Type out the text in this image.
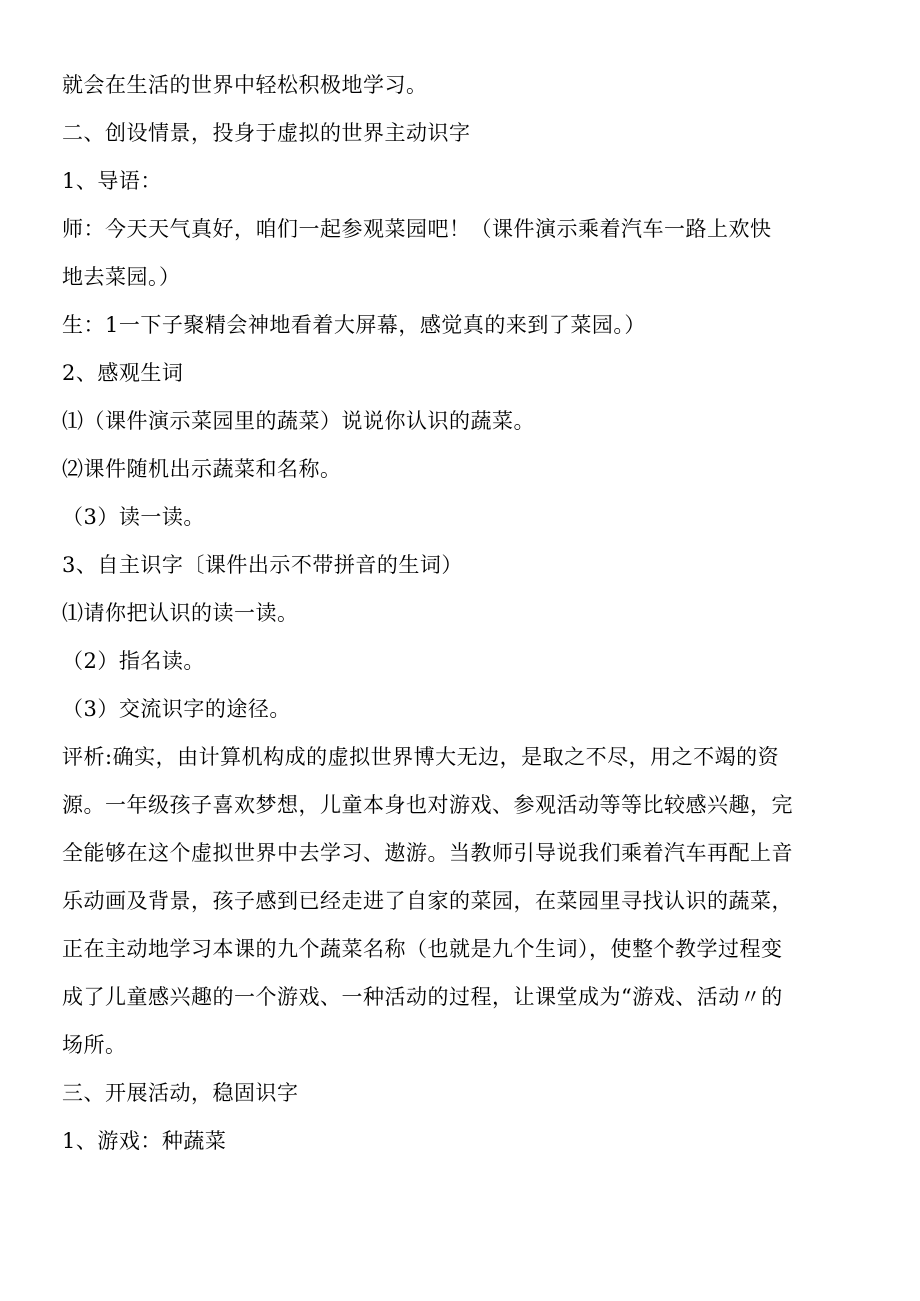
就会在生活的世界中轻松积极地学习。
二、创设情景，投身于虚拟的世界主动识字
1、导语：
师：今天天气真好，咱们一起参观菜园吧！（课件演示乘着汽车一路上欢快
地去菜园。）
生：1一下子聚精会神地看着大屏幕，感觉真的来到了菜园。）
2、感观生词
⑴（课件演示菜园里的蔬菜）说说你认识的蔬菜。
⑵课件随机出示蔬菜和名称。
（3）读一读。
3、自主识字〔课件出示不带拼音的生词）
⑴请你把认识的读一读。
（2）指名读。
（3）交流识字的途径。
评析:确实，由计算机构成的虚拟世界博大无边，是取之不尽，用之不竭的资
源。一年级孩子喜欢梦想，儿童本身也对游戏、参观活动等等比较感兴趣，完
全能够在这个虚拟世界中去学习、遨游。当教师引导说我们乘着汽车再配上音
乐动画及背景，孩子感到已经走进了自家的菜园，在菜园里寻找认识的蔬菜，
正在主动地学习本课的九个蔬菜名称（也就是九个生词），使整个教学过程变
成了儿童感兴趣的一个游戏、一种活动的过程，让课堂成为“游戏、活动〃的
场所。
三、开展活动，稳固识字
1、游戏：种蔬菜
